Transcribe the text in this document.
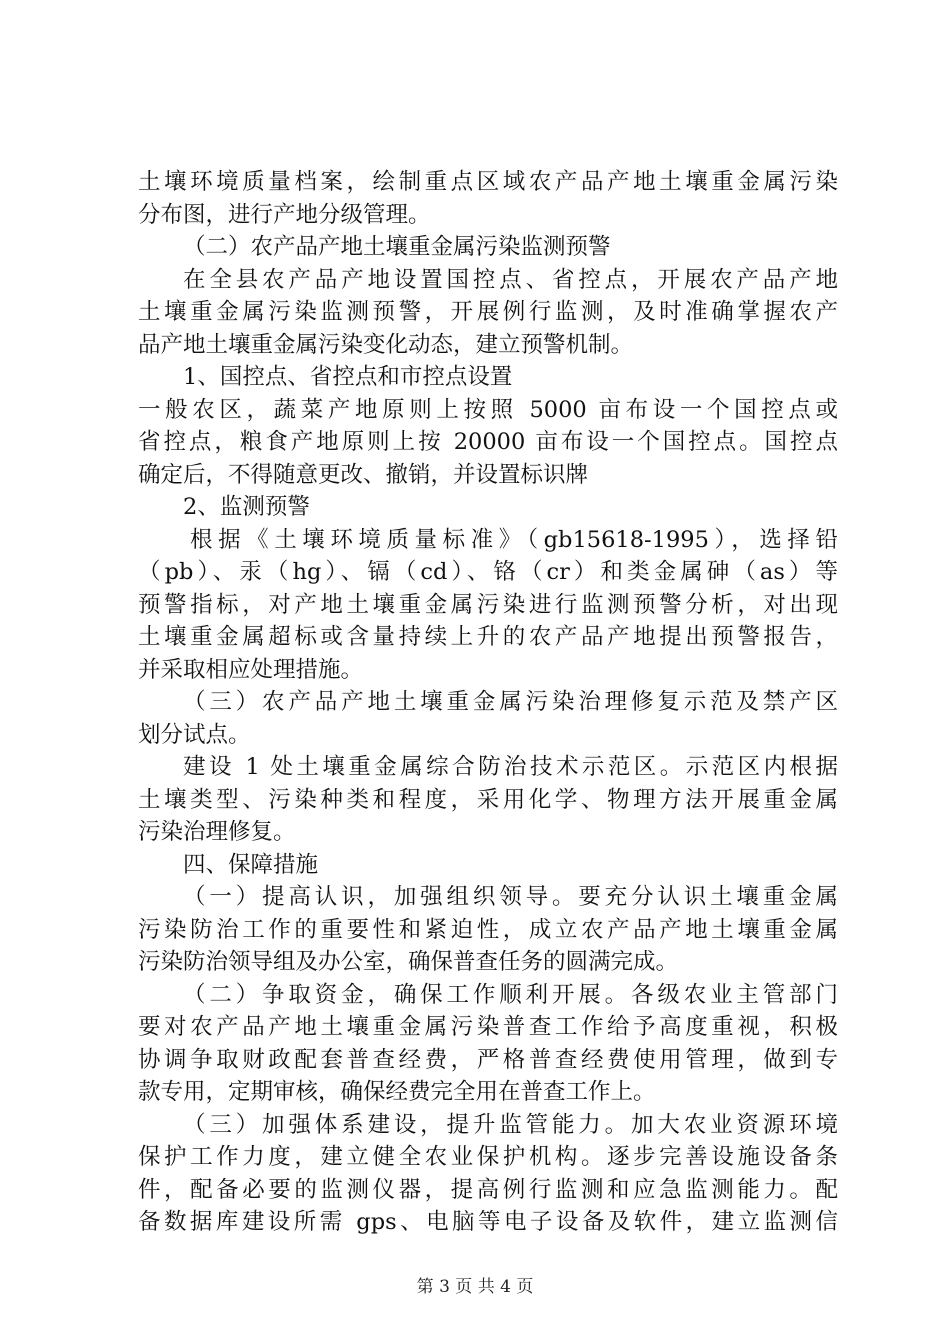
土壤环境质量档案，绘制重点区域农产品产地土壤重金属污染
分布图，进行产地分级管理。
（二）农产品产地土壤重金属污染监测预警
在全县农产品产地设置国控点、省控点，开展农产品产地
土壤重金属污染监测预警，开展例行监测，及时准确掌握农产
品产地土壤重金属污染变化动态，建立预警机制。
1、国控点、省控点和市控点设置
一般农区，蔬菜产地原则上按照 5000 亩布设一个国控点或
省控点，粮食产地原则上按 20000 亩布设一个国控点。国控点
确定后，不得随意更改、撤销，并设置标识牌
2、监测预警
根据《土壤环境质量标准》（gb15618-1995），选择铅
（pb）、汞（hg）、镉（cd）、铬（cr）和类金属砷（as）等
预警指标，对产地土壤重金属污染进行监测预警分析，对出现
土壤重金属超标或含量持续上升的农产品产地提出预警报告，
并采取相应处理措施。
（三）农产品产地土壤重金属污染治理修复示范及禁产区
划分试点。
建设 1 处土壤重金属综合防治技术示范区。示范区内根据
土壤类型、污染种类和程度，采用化学、物理方法开展重金属
污染治理修复。
四、保障措施
（一）提高认识，加强组织领导。要充分认识土壤重金属
污染防治工作的重要性和紧迫性，成立农产品产地土壤重金属
污染防治领导组及办公室，确保普查任务的圆满完成。
（二）争取资金，确保工作顺利开展。各级农业主管部门
要对农产品产地土壤重金属污染普查工作给予高度重视，积极
协调争取财政配套普查经费，严格普查经费使用管理，做到专
款专用，定期审核，确保经费完全用在普查工作上。
（三）加强体系建设，提升监管能力。加大农业资源环境
保护工作力度，建立健全农业保护机构。逐步完善设施设备条
件，配备必要的监测仪器，提高例行监测和应急监测能力。配
备数据库建设所需 gps、电脑等电子设备及软件，建立监测信
第 3 页 共 4 页
